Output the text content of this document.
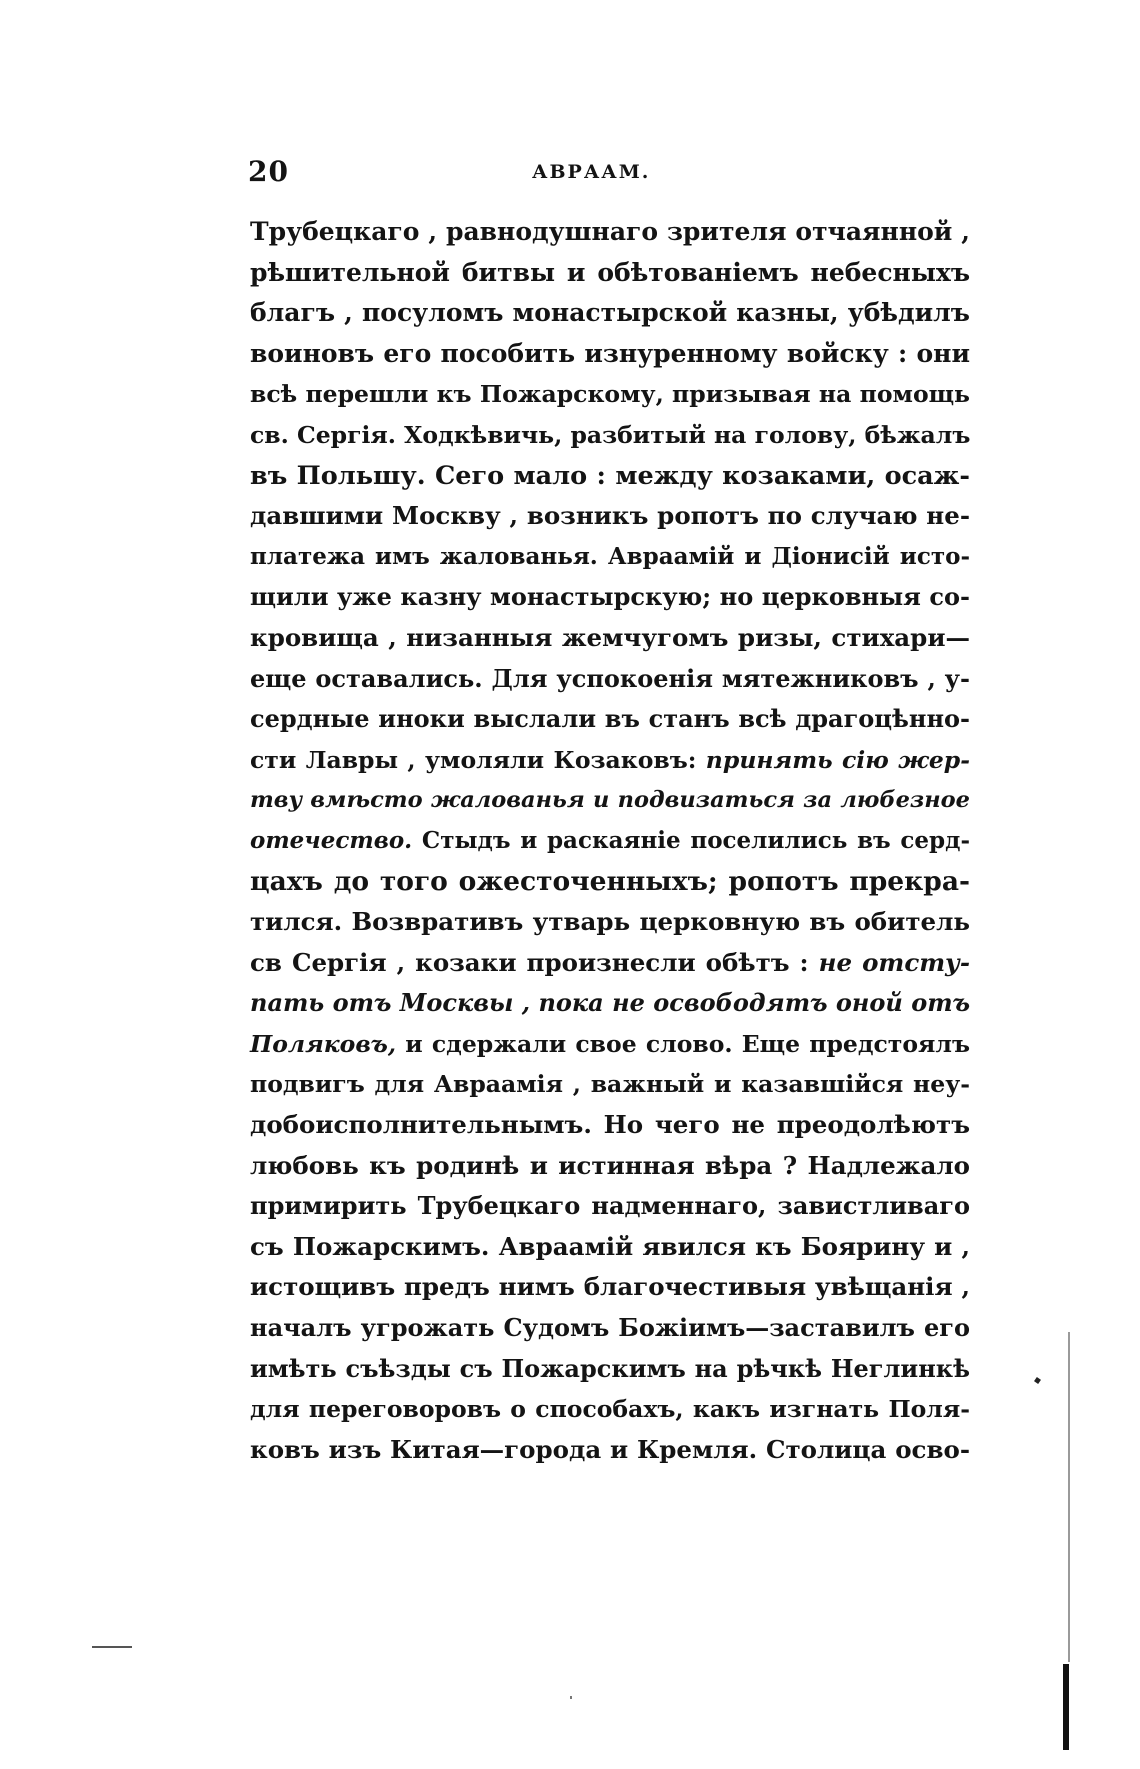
20	АВРААМ.
Трубецкаго , равнодушнаго зрителя отчаянной ,
рѣшительной битвы и обѣтованіемъ небесныхъ
благъ , посуломъ монастырской казны, убѣдилъ
воиновъ его пособить изнуренному войску : они
всѣ перешли къ Пожарскому, призывая на помощь
св. Сергія. Ходкѣвичь, разбитый на голову, бѣжалъ
въ Польшу. Сего мало : между козаками, осаж-
давшими Москву , возникъ ропотъ по случаю не-
платежа имъ жалованья. Авраамій и Діонисій исто-
щили уже казну монастырскую; но церковныя со-
кровища , низанныя жемчугомъ ризы, стихари—
еще оставались. Для успокоенія мятежниковъ , у-
сердные иноки выслали въ станъ всѣ драгоцѣнно-
сти Лавры , умоляли Козаковъ: принять сію жер-
тву вмѣсто жалованья и подвизаться за любезное
отечество. Стыдъ и раскаяніе поселились въ серд-
цахъ до того ожесточенныхъ; ропотъ прекра-
тился. Возвративъ утварь церковную въ обитель
св Сергія , козаки произнесли обѣтъ : не отсту-
пать отъ Москвы , пока не освободятъ оной отъ
Поляковъ, и сдержали свое слово. Еще предстоялъ
подвигъ для Авраамія , важный и казавшійся неу-
добоисполнительнымъ. Но чего не преодолѣютъ
любовь къ родинѣ и истинная вѣра ? Надлежало
примирить Трубецкаго надменнаго, завистливаго
съ Пожарскимъ. Авраамій явился къ Боярину и ,
истощивъ предъ нимъ благочестивыя увѣщанія ,
началъ угрожать Судомъ Божіимъ—заставилъ его
имѣть съѣзды съ Пожарскимъ на рѣчкѣ Неглинкѣ
для переговоровъ о способахъ, какъ изгнать Поля-
ковъ изъ Китая—города и Кремля. Столица осво-
